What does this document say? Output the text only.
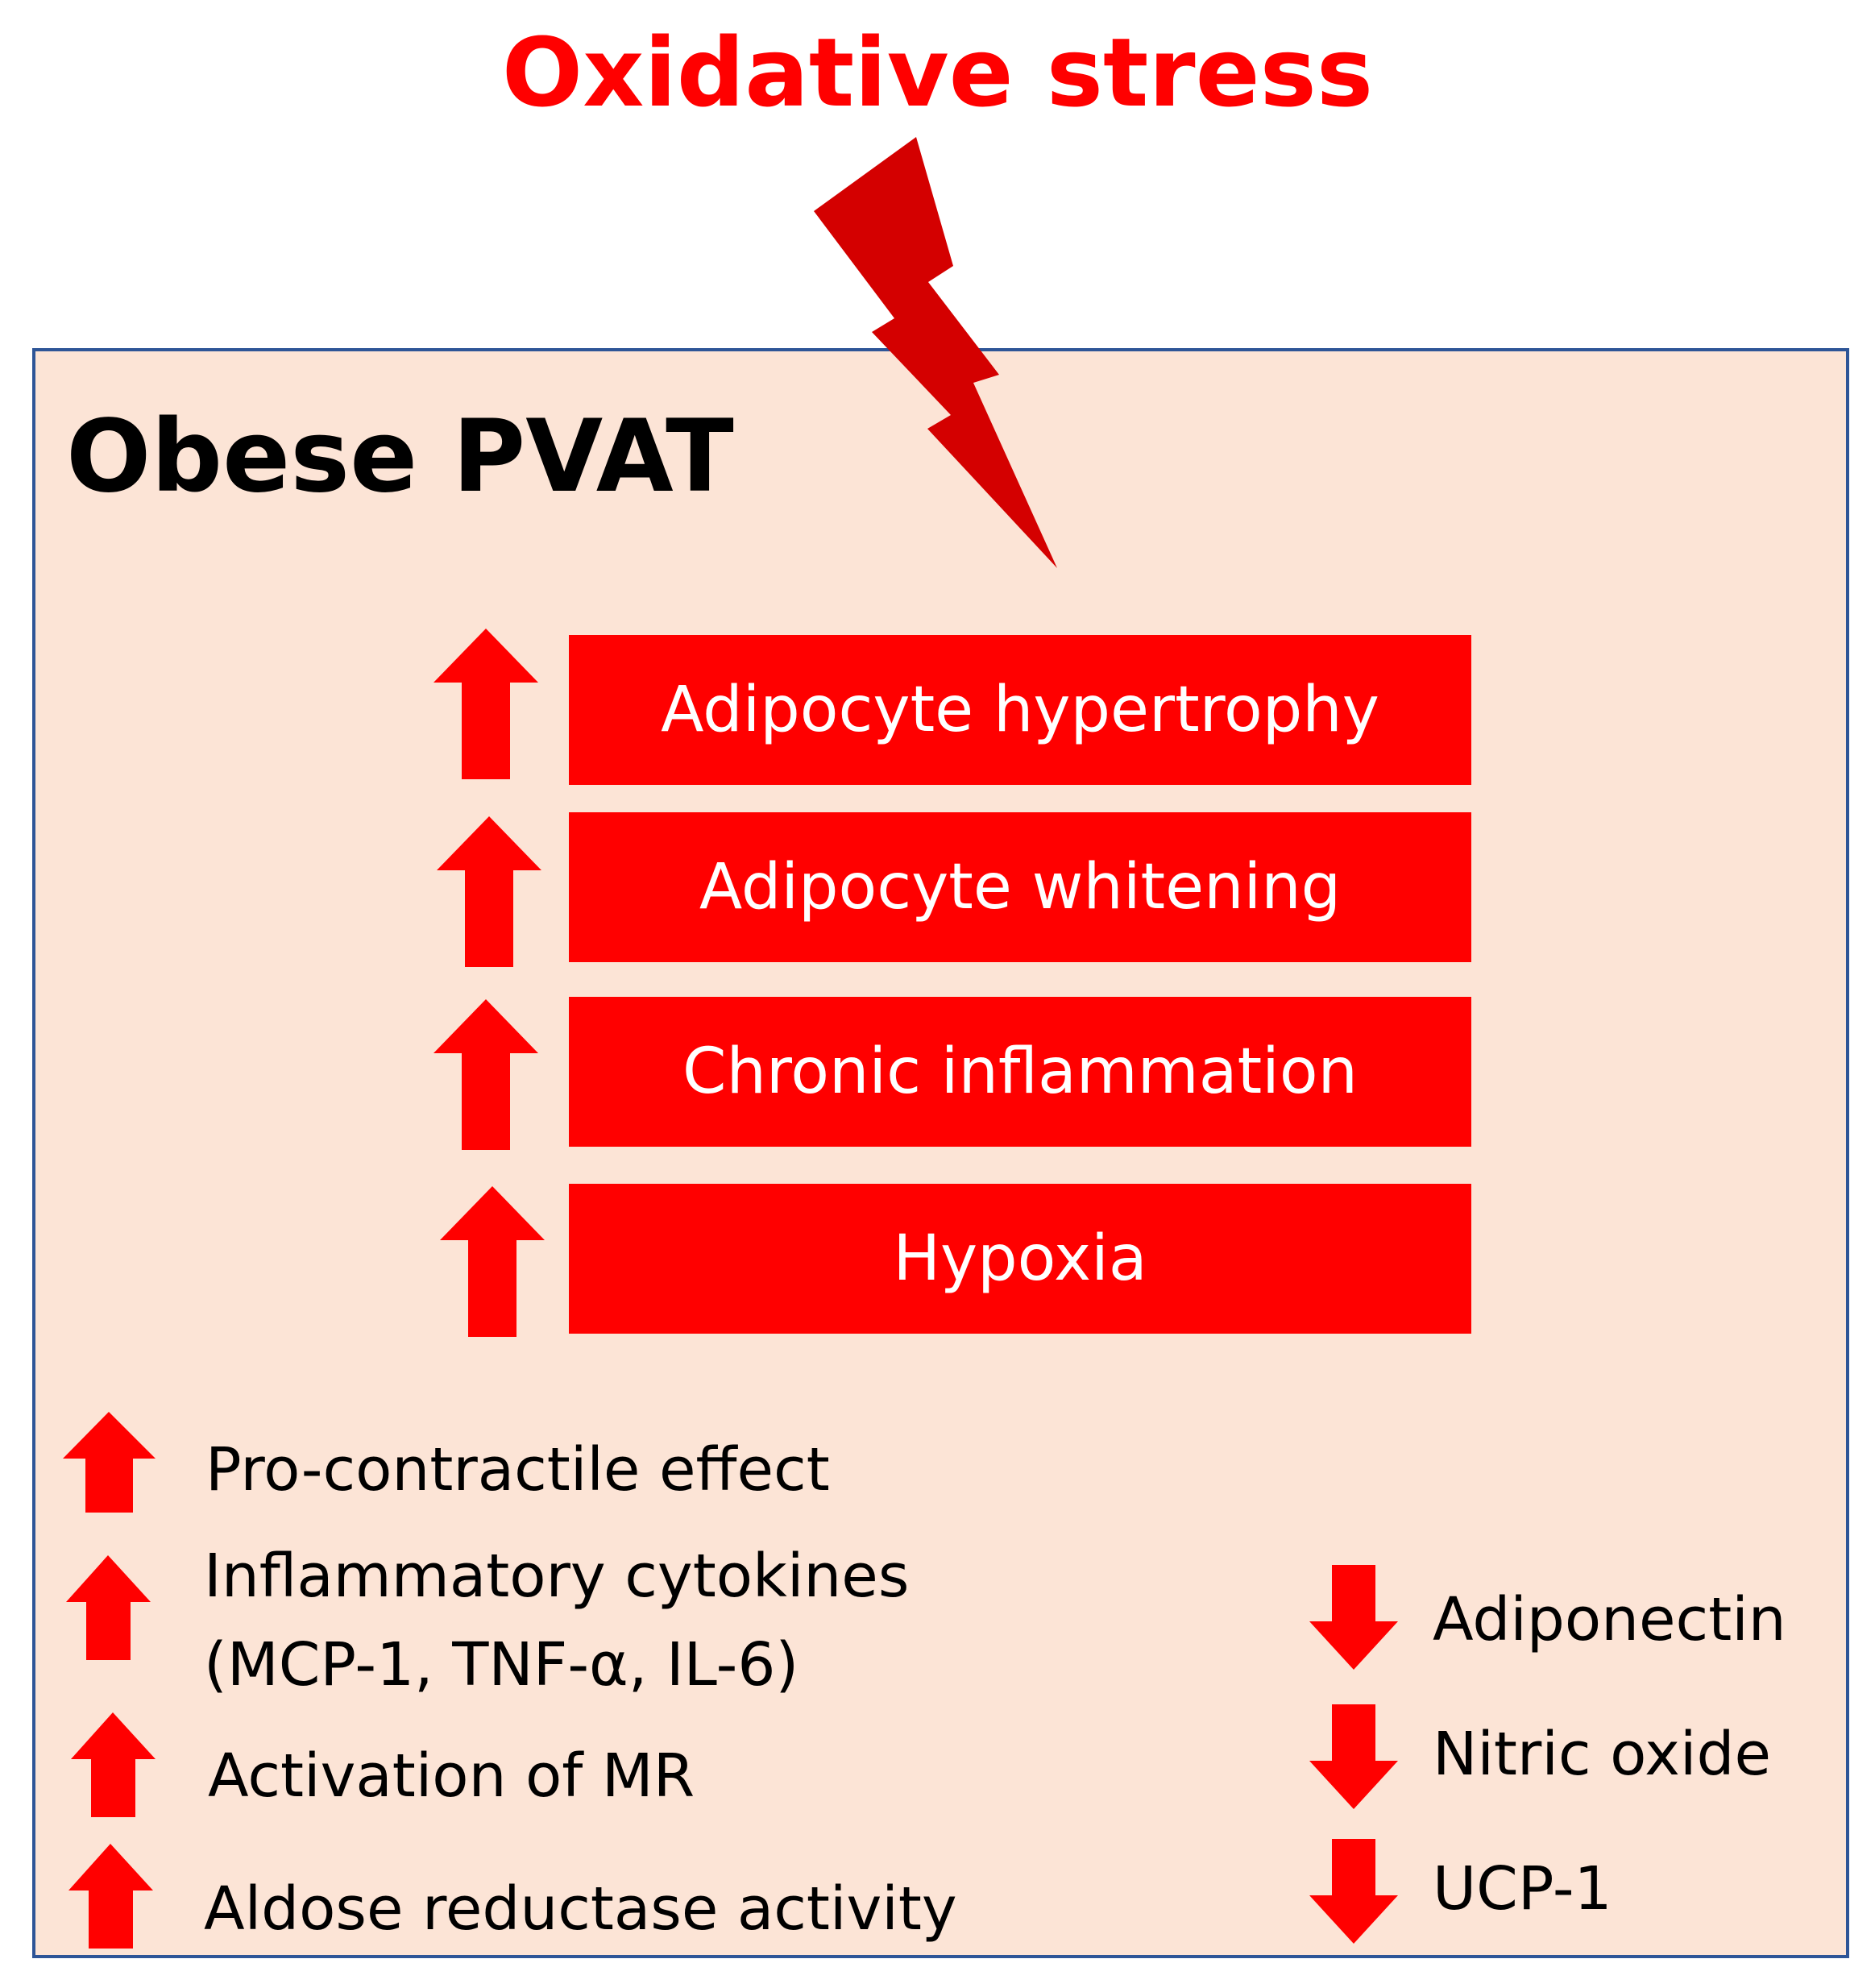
Oxidative stress
Obese PVAT
Adipocyte hypertrophy
Adipocyte whitening
Chronic inflammation
Hypoxia
Pro-contractile effect
Inflammatory cytokines
(MCP-1, TNF-α, IL-6)
Activation of MR
Aldose reductase activity
Adiponectin
Nitric oxide
UCP-1
